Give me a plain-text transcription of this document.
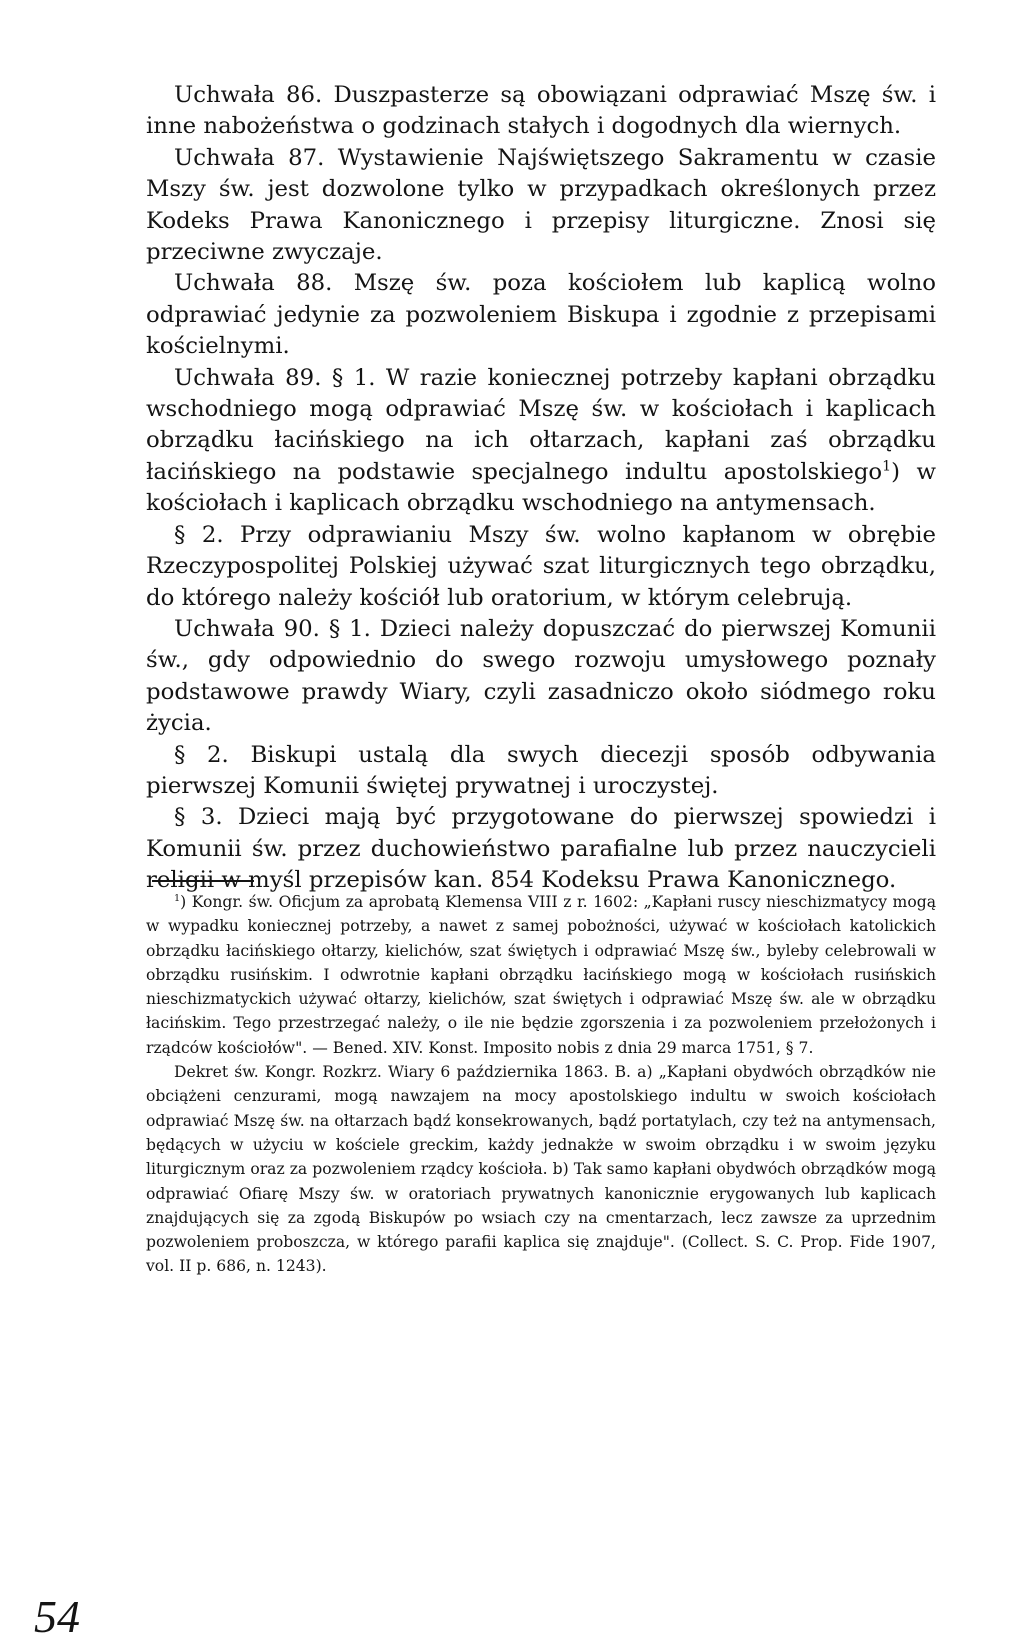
Uchwała 86. Duszpasterze są obowiązani odprawiać Mszę św. i inne nabożeństwa o godzinach stałych i dogodnych dla wiernych.

Uchwała 87. Wystawienie Najświętszego Sakramentu w czasie Mszy św. jest dozwolone tylko w przypadkach określonych przez Kodeks Prawa Kanonicznego i przepisy liturgiczne. Znosi się przeciwne zwyczaje.

Uchwała 88. Mszę św. poza kościołem lub kaplicą wolno odprawiać jedynie za pozwoleniem Biskupa i zgodnie z przepisami kościelnymi.

Uchwała 89. § 1. W razie koniecznej potrzeby kapłani obrządku wschodniego mogą odprawiać Mszę św. w kościołach i kaplicach obrządku łacińskiego na ich ołtarzach, kapłani zaś obrządku łacińskiego na podstawie specjalnego indultu apostolskiego$^1$) w kościołach i kaplicach obrządku wschodniego na antymensach.

§ 2. Przy odprawianiu Mszy św. wolno kapłanom w obrębie Rzeczypospolitej Polskiej używać szat liturgicznych tego obrządku, do którego należy kościół lub oratorium, w którym celebrują.

Uchwała 90. § 1. Dzieci należy dopuszczać do pierwszej Komunii św., gdy odpowiednio do swego rozwoju umysłowego poznały podstawowe prawdy Wiary, czyli zasadniczo około siódmego roku życia.

§ 2. Biskupi ustalą dla swych diecezji sposób odbywania pierwszej Komunii świętej prywatnej i uroczystej.

§ 3. Dzieci mają być przygotowane do pierwszej spowiedzi i Komunii św. przez duchowieństwo parafialne lub przez nauczycieli religii w myśl przepisów kan. 854 Kodeksu Prawa Kanonicznego.

$^1$) Kongr. św. Oficjum za aprobatą Klemensa VIII z r. 1602: „Kapłani ruscy nieschizmatycy mogą w wypadku koniecznej potrzeby, a nawet z samej pobożności, używać w kościołach katolickich obrządku łacińskiego ołtarzy, kielichów, szat świętych i odprawiać Mszę św., byleby celebrowali w obrządku rusińskim. I odwrotnie kapłani obrządku łacińskiego mogą w kościołach rusińskich nieschizmatyckich używać ołtarzy, kielichów, szat świętych i odprawiać Mszę św. ale w obrządku łacińskim. Tego przestrzegać należy, o ile nie będzie zgorszenia i za pozwoleniem przełożonych i rządców kościołów". — Bened. XIV. Konst. Imposito nobis z dnia 29 marca 1751, § 7.

Dekret św. Kongr. Rozkrz. Wiary 6 października 1863. B. a) „Kapłani obydwóch obrządków nie obciążeni cenzurami, mogą nawzajem na mocy apostolskiego indultu w swoich kościołach odprawiać Mszę św. na ołtarzach bądź konsekrowanych, bądź portatylach, czy też na antymensach, będących w użyciu w kościele greckim, każdy jednakże w swoim obrządku i w swoim języku liturgicznym oraz za pozwoleniem rządcy kościoła. b) Tak samo kapłani obydwóch obrządków mogą odprawiać Ofiarę Mszy św. w oratoriach prywatnych kanonicznie erygowanych lub kaplicach znajdujących się za zgodą Biskupów po wsiach czy na cmentarzach, lecz zawsze za uprzednim pozwoleniem proboszcza, w którego parafii kaplica się znajduje". (Collect. S. C. Prop. Fide 1907, vol. II p. 686, n. 1243).

54
